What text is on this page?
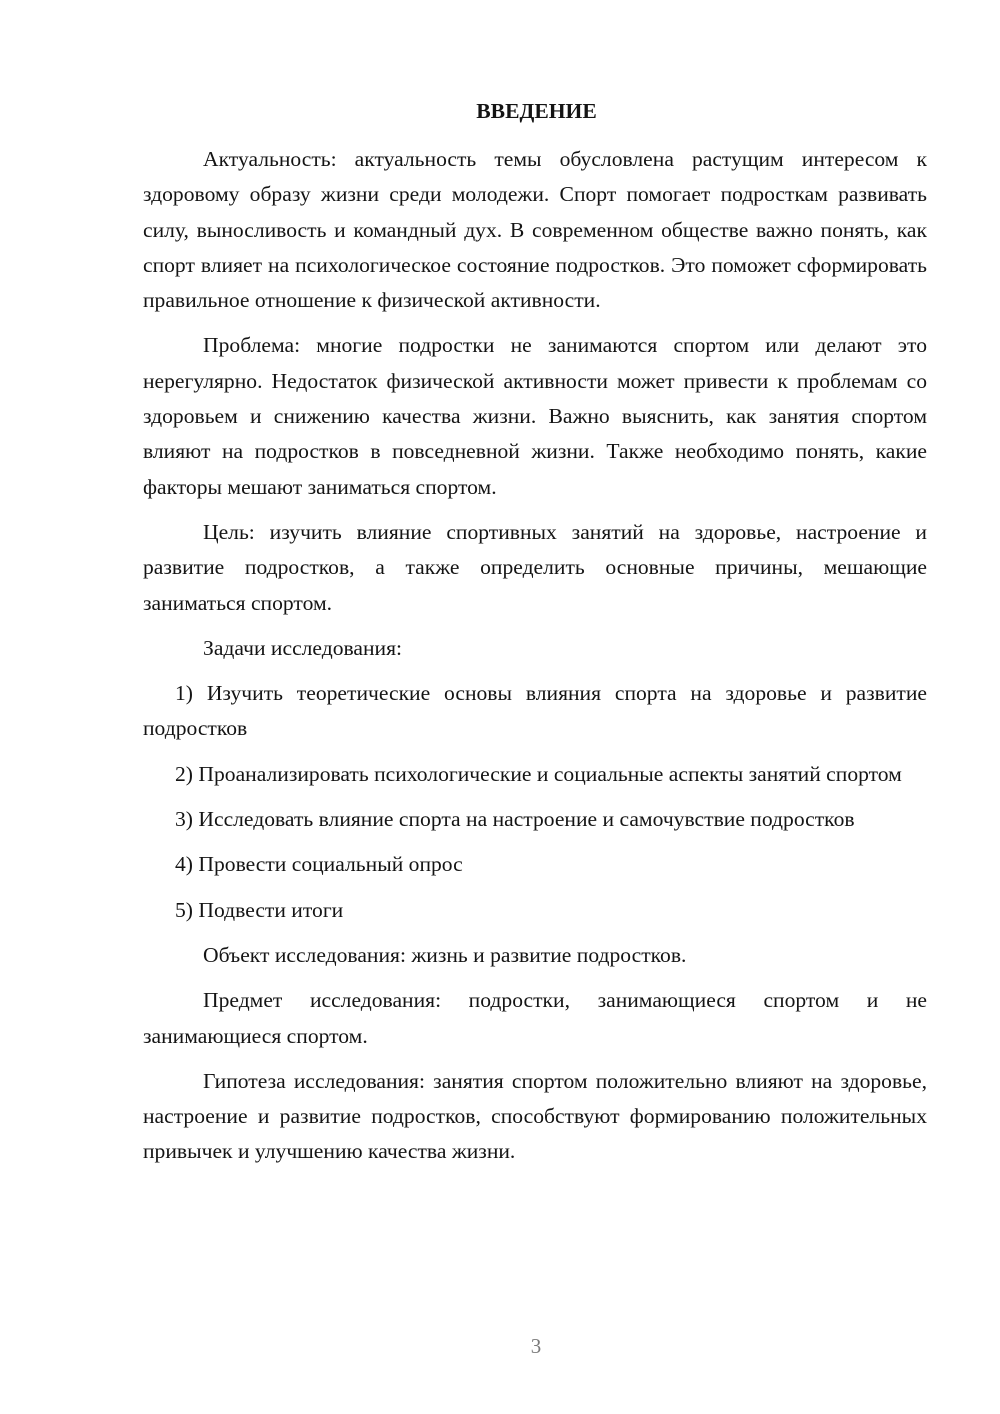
ВВЕДЕНИЕ

Актуальность: актуальность темы обусловлена растущим интересом к здоровому образу жизни среди молодежи. Спорт помогает подросткам развивать силу, выносливость и командный дух. В современном обществе важно понять, как спорт влияет на психологическое состояние подростков. Это поможет сформировать правильное отношение к физической активности.

Проблема: многие подростки не занимаются спортом или делают это нерегулярно. Недостаток физической активности может привести к проблемам со здоровьем и снижению качества жизни. Важно выяснить, как занятия спортом влияют на подростков в повседневной жизни. Также необходимо понять, какие факторы мешают заниматься спортом.

Цель: изучить влияние спортивных занятий на здоровье, настроение и развитие подростков, а также определить основные причины, мешающие заниматься спортом.

Задачи исследования:

1) Изучить теоретические основы влияния спорта на здоровье и развитие подростков

2) Проанализировать психологические и социальные аспекты занятий спортом

3) Исследовать влияние спорта на настроение и самочувствие подростков

4) Провести социальный опрос

5) Подвести итоги

Объект исследования: жизнь и развитие подростков.

Предмет исследования: подростки, занимающиеся спортом и не занимающиеся спортом.

Гипотеза исследования: занятия спортом положительно влияют на здоровье, настроение и развитие подростков, способствуют формированию положительных привычек и улучшению качества жизни.

3
